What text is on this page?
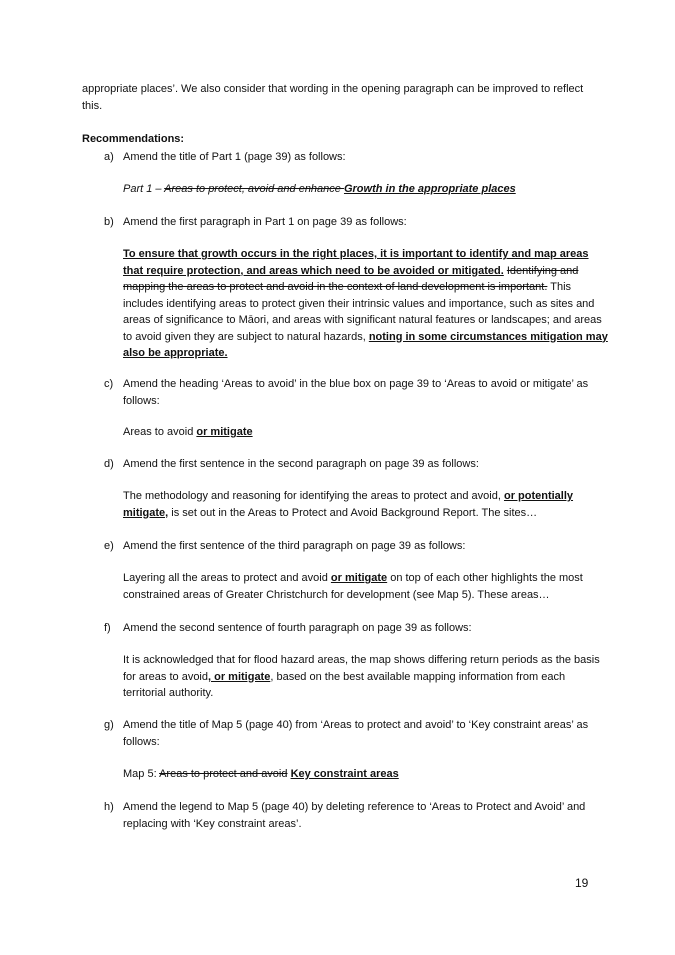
appropriate places’. We also consider that wording in the opening paragraph can be improved to reflect this.
Recommendations:
a) Amend the title of Part 1 (page 39) as follows:
Part 1 – Areas to protect, avoid and enhance Growth in the appropriate places
b) Amend the first paragraph in Part 1 on page 39 as follows:
To ensure that growth occurs in the right places, it is important to identify and map areas that require protection, and areas which need to be avoided or mitigated. Identifying and mapping the areas to protect and avoid in the context of land development is important. This includes identifying areas to protect given their intrinsic values and importance, such as sites and areas of significance to Māori, and areas with significant natural features or landscapes; and areas to avoid given they are subject to natural hazards, noting in some circumstances mitigation may also be appropriate.
c) Amend the heading ‘Areas to avoid’ in the blue box on page 39 to ‘Areas to avoid or mitigate’ as follows:
Areas to avoid or mitigate
d) Amend the first sentence in the second paragraph on page 39 as follows:
The methodology and reasoning for identifying the areas to protect and avoid, or potentially mitigate, is set out in the Areas to Protect and Avoid Background Report. The sites…
e) Amend the first sentence of the third paragraph on page 39 as follows:
Layering all the areas to protect and avoid or mitigate on top of each other highlights the most constrained areas of Greater Christchurch for development (see Map 5). These areas…
f) Amend the second sentence of fourth paragraph on page 39 as follows:
It is acknowledged that for flood hazard areas, the map shows differing return periods as the basis for areas to avoid, or mitigate, based on the best available mapping information from each territorial authority.
g) Amend the title of Map 5 (page 40) from ‘Areas to protect and avoid’ to ‘Key constraint areas’ as follows:
Map 5: Areas to protect and avoid Key constraint areas
h) Amend the legend to Map 5 (page 40) by deleting reference to ‘Areas to Protect and Avoid’ and replacing with ‘Key constraint areas’.
19
